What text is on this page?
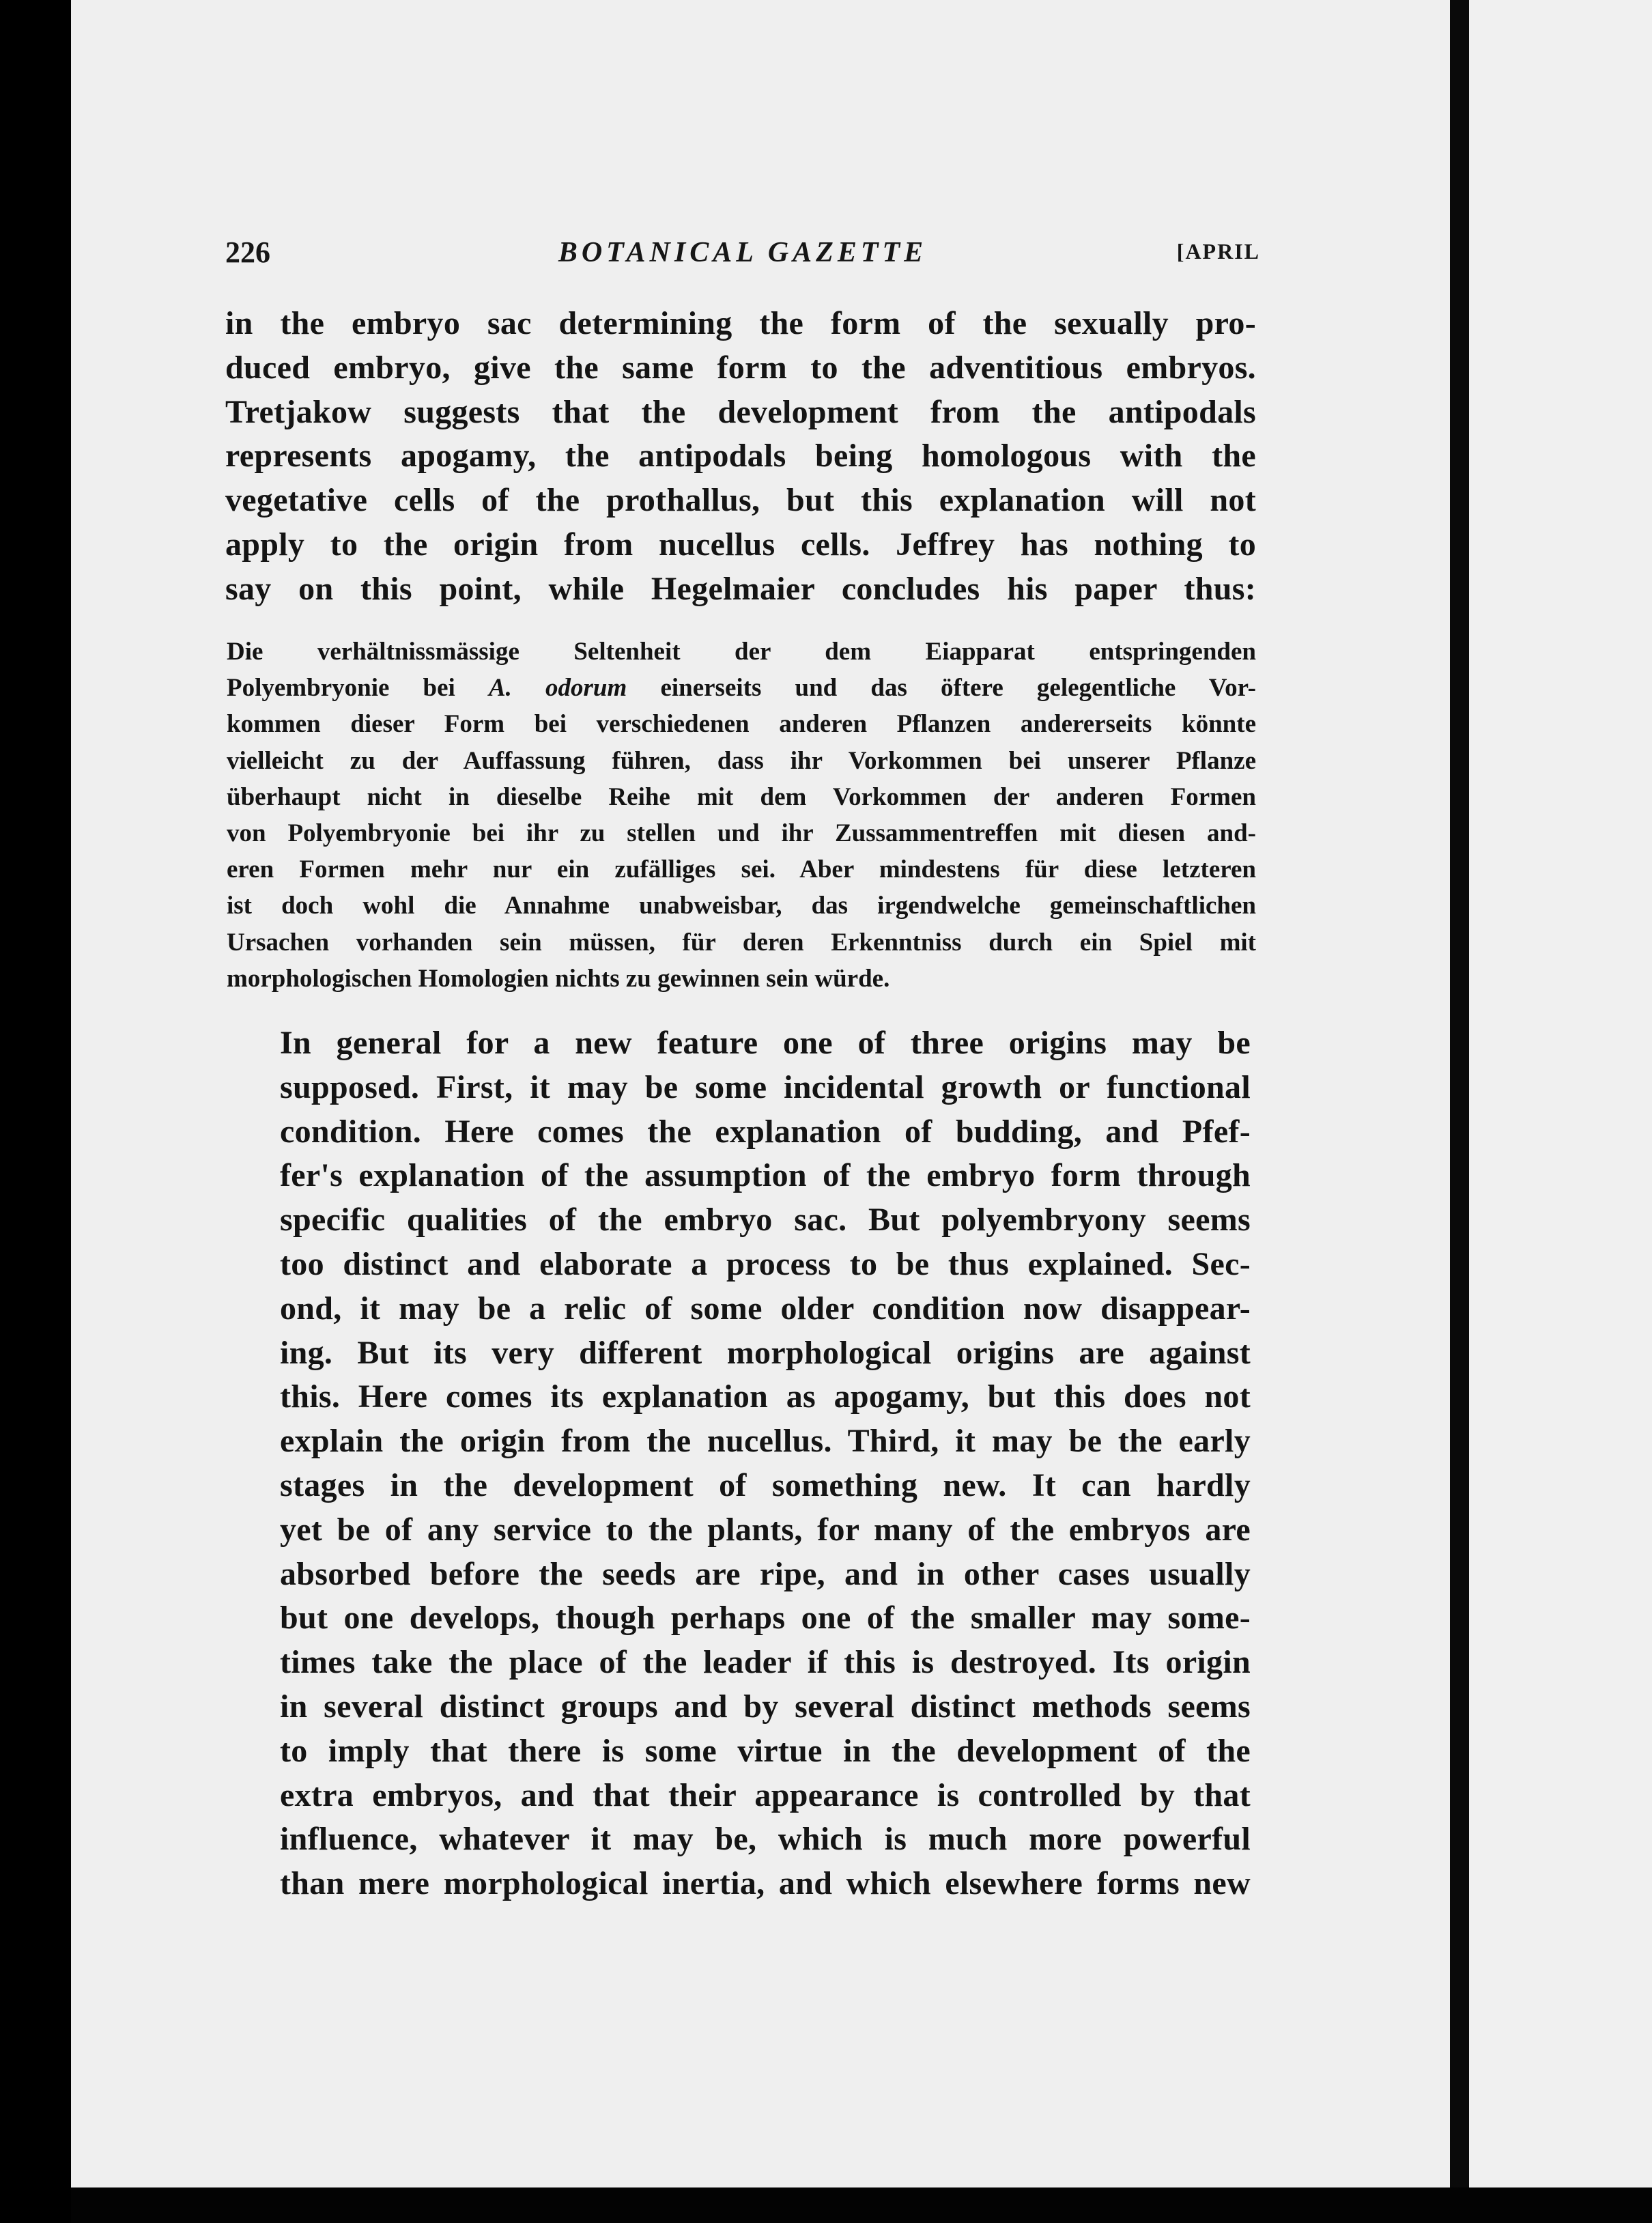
226	BOTANICAL GAZETTE	[APRIL
in the embryo sac determining the form of the sexually pro-
duced embryo, give the same form to the adventitious embryos.
Tretjakow suggests that the development from the antipodals
represents apogamy, the antipodals being homologous with the
vegetative cells of the prothallus, but this explanation will not
apply to the origin from nucellus cells. Jeffrey has nothing to
say on this point, while Hegelmaier concludes his paper thus:
Die verhältnissmässige Seltenheit der dem Eiapparat entspringenden
Polyembryonie bei A. odorum einerseits und das öftere gelegentliche Vor-
kommen dieser Form bei verschiedenen anderen Pflanzen andererseits könnte
vielleicht zu der Auffassung führen, dass ihr Vorkommen bei unserer Pflanze
überhaupt nicht in dieselbe Reihe mit dem Vorkommen der anderen Formen
von Polyembryonie bei ihr zu stellen und ihr Zussammentreffen mit diesen and-
eren Formen mehr nur ein zufälliges sei. Aber mindestens für diese letzteren
ist doch wohl die Annahme unabweisbar, das irgendwelche gemeinschaftlichen
Ursachen vorhanden sein müssen, für deren Erkenntniss durch ein Spiel mit
morphologischen Homologien nichts zu gewinnen sein würde.
In general for a new feature one of three origins may be
supposed. First, it may be some incidental growth or functional
condition. Here comes the explanation of budding, and Pfef-
fer's explanation of the assumption of the embryo form through
specific qualities of the embryo sac. But polyembryony seems
too distinct and elaborate a process to be thus explained. Sec-
ond, it may be a relic of some older condition now disappear-
ing. But its very different morphological origins are against
this. Here comes its explanation as apogamy, but this does not
explain the origin from the nucellus. Third, it may be the early
stages in the development of something new. It can hardly
yet be of any service to the plants, for many of the embryos are
absorbed before the seeds are ripe, and in other cases usually
but one develops, though perhaps one of the smaller may some-
times take the place of the leader if this is destroyed. Its origin
in several distinct groups and by several distinct methods seems
to imply that there is some virtue in the development of the
extra embryos, and that their appearance is controlled by that
influence, whatever it may be, which is much more powerful
than mere morphological inertia, and which elsewhere forms new
